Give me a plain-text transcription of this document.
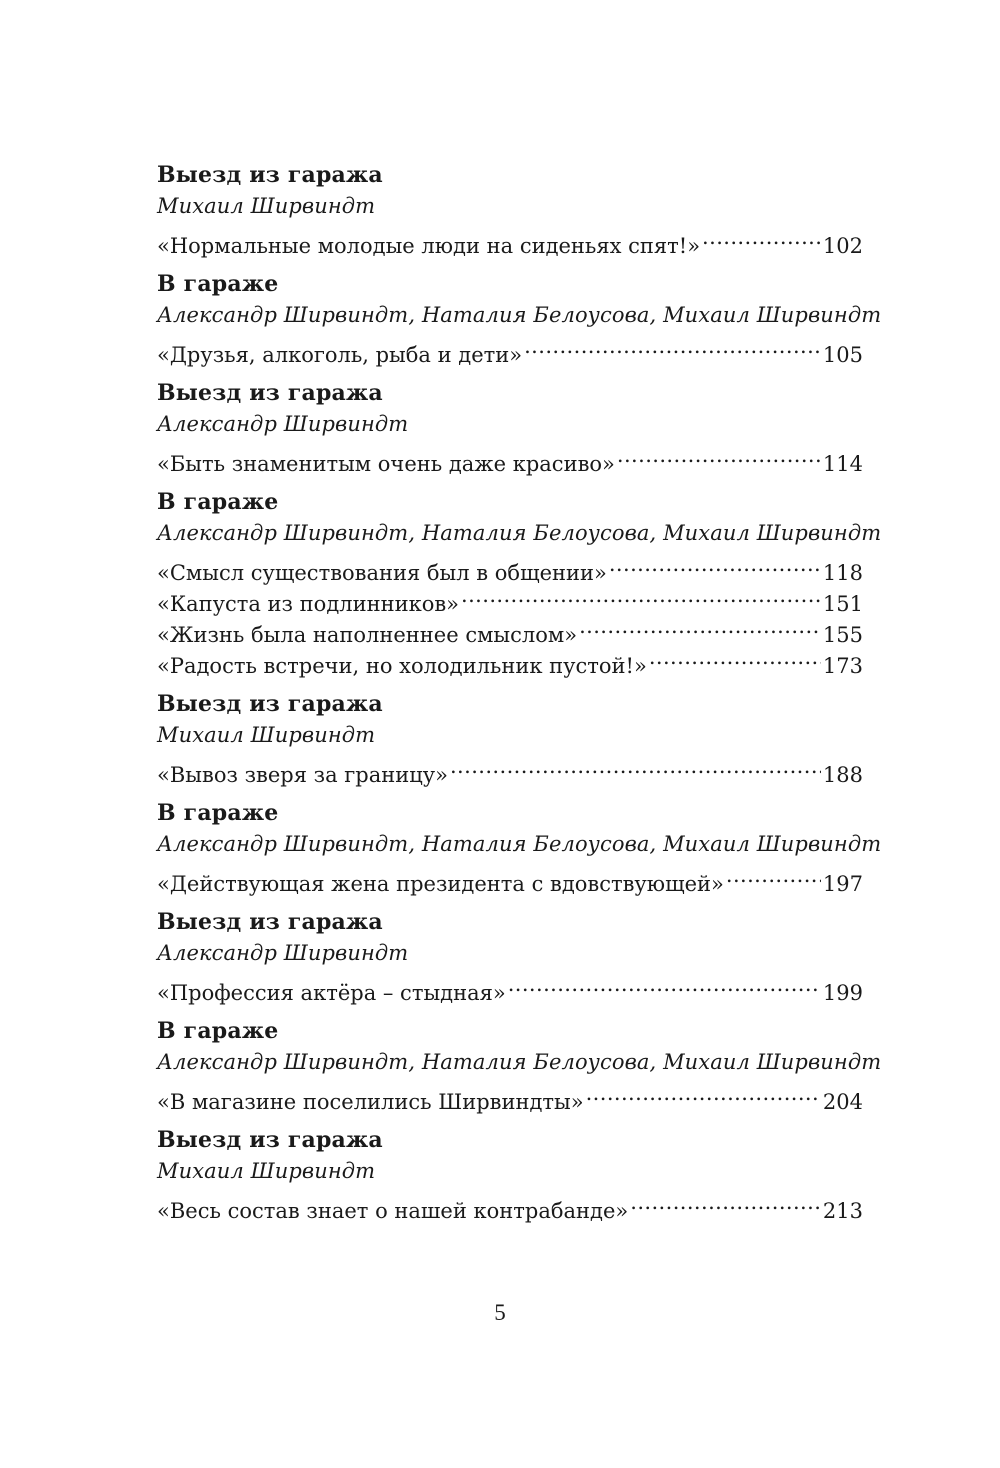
Выезд из гаража
Михаил Ширвиндт
«Нормальные молодые люди на сиденьях спят!» .....	102
В гараже
Александр Ширвиндт, Наталия Белоусова, Михаил Ширвиндт
«Друзья, алкоголь, рыба и дети» .....	105
Выезд из гаража
Александр Ширвиндт
«Быть знаменитым очень даже красиво» .....	114
В гараже
Александр Ширвиндт, Наталия Белоусова, Михаил Ширвиндт
«Смысл существования был в общении» .....	118
«Капуста из подлинников» .....	151
«Жизнь была наполненнее смыслом» .....	155
«Радость встречи, но холодильник пустой!» .....	173
Выезд из гаража
Михаил Ширвиндт
«Вывоз зверя за границу» .....	188
В гараже
Александр Ширвиндт, Наталия Белоусова, Михаил Ширвиндт
«Действующая жена президента с вдовствующей» .....	197
Выезд из гаража
Александр Ширвиндт
«Профессия актёра – стыдная» .....	199
В гараже
Александр Ширвиндт, Наталия Белоусова, Михаил Ширвиндт
«В магазине поселились Ширвиндты» .....	204
Выезд из гаража
Михаил Ширвиндт
«Весь состав знает о нашей контрабанде» .....	213
5
